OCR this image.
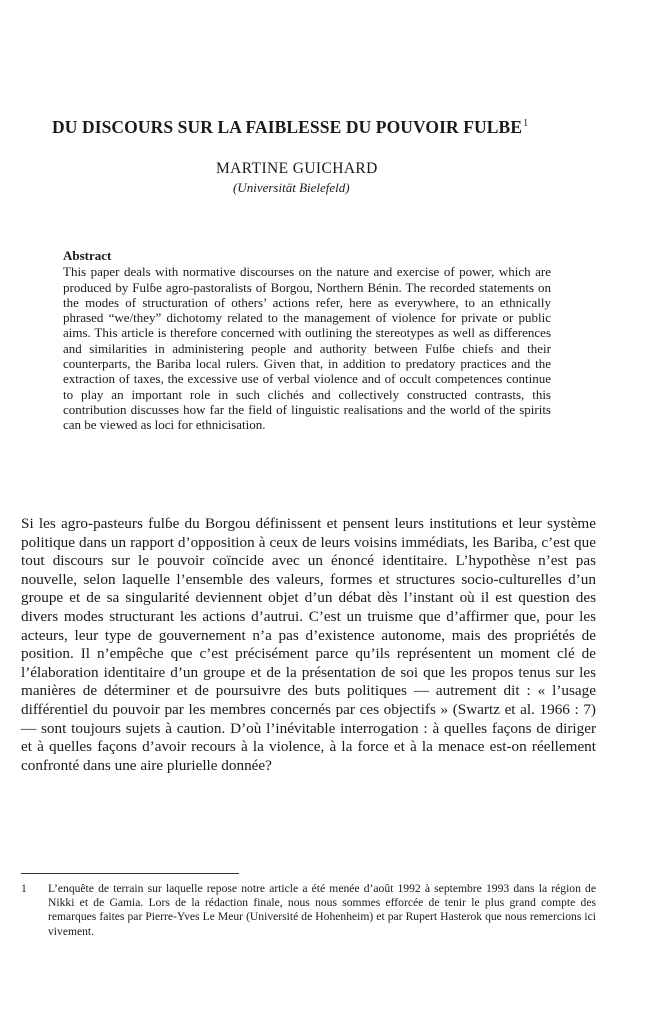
DU DISCOURS SUR LA FAIBLESSE DU POUVOIR FULBE$^1$
MARTINE GUICHARD
(Universität Bielefeld)
Abstract
This paper deals with normative discourses on the nature and exercise of power, which are produced by Fulɓe agro-pastoralists of Borgou, Northern Bénin. The recorded statements on the modes of structuration of others’ actions refer, here as everywhere, to an ethnically phrased “we/they” dichotomy related to the management of violence for private or public aims. This article is therefore concerned with outlining the stereotypes as well as differences and similarities in administering people and authority between Fulɓe chiefs and their counterparts, the Bariba local rulers. Given that, in addition to predatory practices and the extraction of taxes, the excessive use of verbal violence and of occult competences continue to play an important role in such clichés and collectively constructed contrasts, this contribution discusses how far the field of linguistic realisations and the world of the spirits can be viewed as loci for ethnicisation.

Si les agro-pasteurs fulɓe du Borgou définissent et pensent leurs institutions et leur système politique dans un rapport d’opposition à ceux de leurs voisins immédiats, les Bariba, c’est que tout discours sur le pouvoir coïncide avec un énoncé identitaire. L’hypothèse n’est pas nouvelle, selon laquelle l’ensemble des valeurs, formes et structures socio-culturelles d’un groupe et de sa singularité deviennent objet d’un débat dès l’instant où il est question des divers modes structurant les actions d’autrui. C’est un truisme que d’affirmer que, pour les acteurs, leur type de gouvernement n’a pas d’existence autonome, mais des propriétés de position. Il n’empêche que c’est précisément parce qu’ils représentent un moment clé de l’élaboration identitaire d’un groupe et de la présentation de soi que les propos tenus sur les manières de déterminer et de poursuivre des buts politiques — autrement dit : « l’usage différentiel du pouvoir par les membres concernés par ces objectifs » (Swartz et al. 1966 : 7) — sont toujours sujets à caution. D’où l’inévitable interrogation : à quelles façons de diriger et à quelles façons d’avoir recours à la violence, à la force et à la menace est-on réellement confronté dans une aire plurielle donnée?

1 L’enquête de terrain sur laquelle repose notre article a été menée d’août 1992 à septembre 1993 dans la région de Nikki et de Gamia. Lors de la rédaction finale, nous nous sommes efforcée de tenir le plus grand compte des remarques faites par Pierre-Yves Le Meur (Université de Hohenheim) et par Rupert Hasterok que nous remercions ici vivement.
